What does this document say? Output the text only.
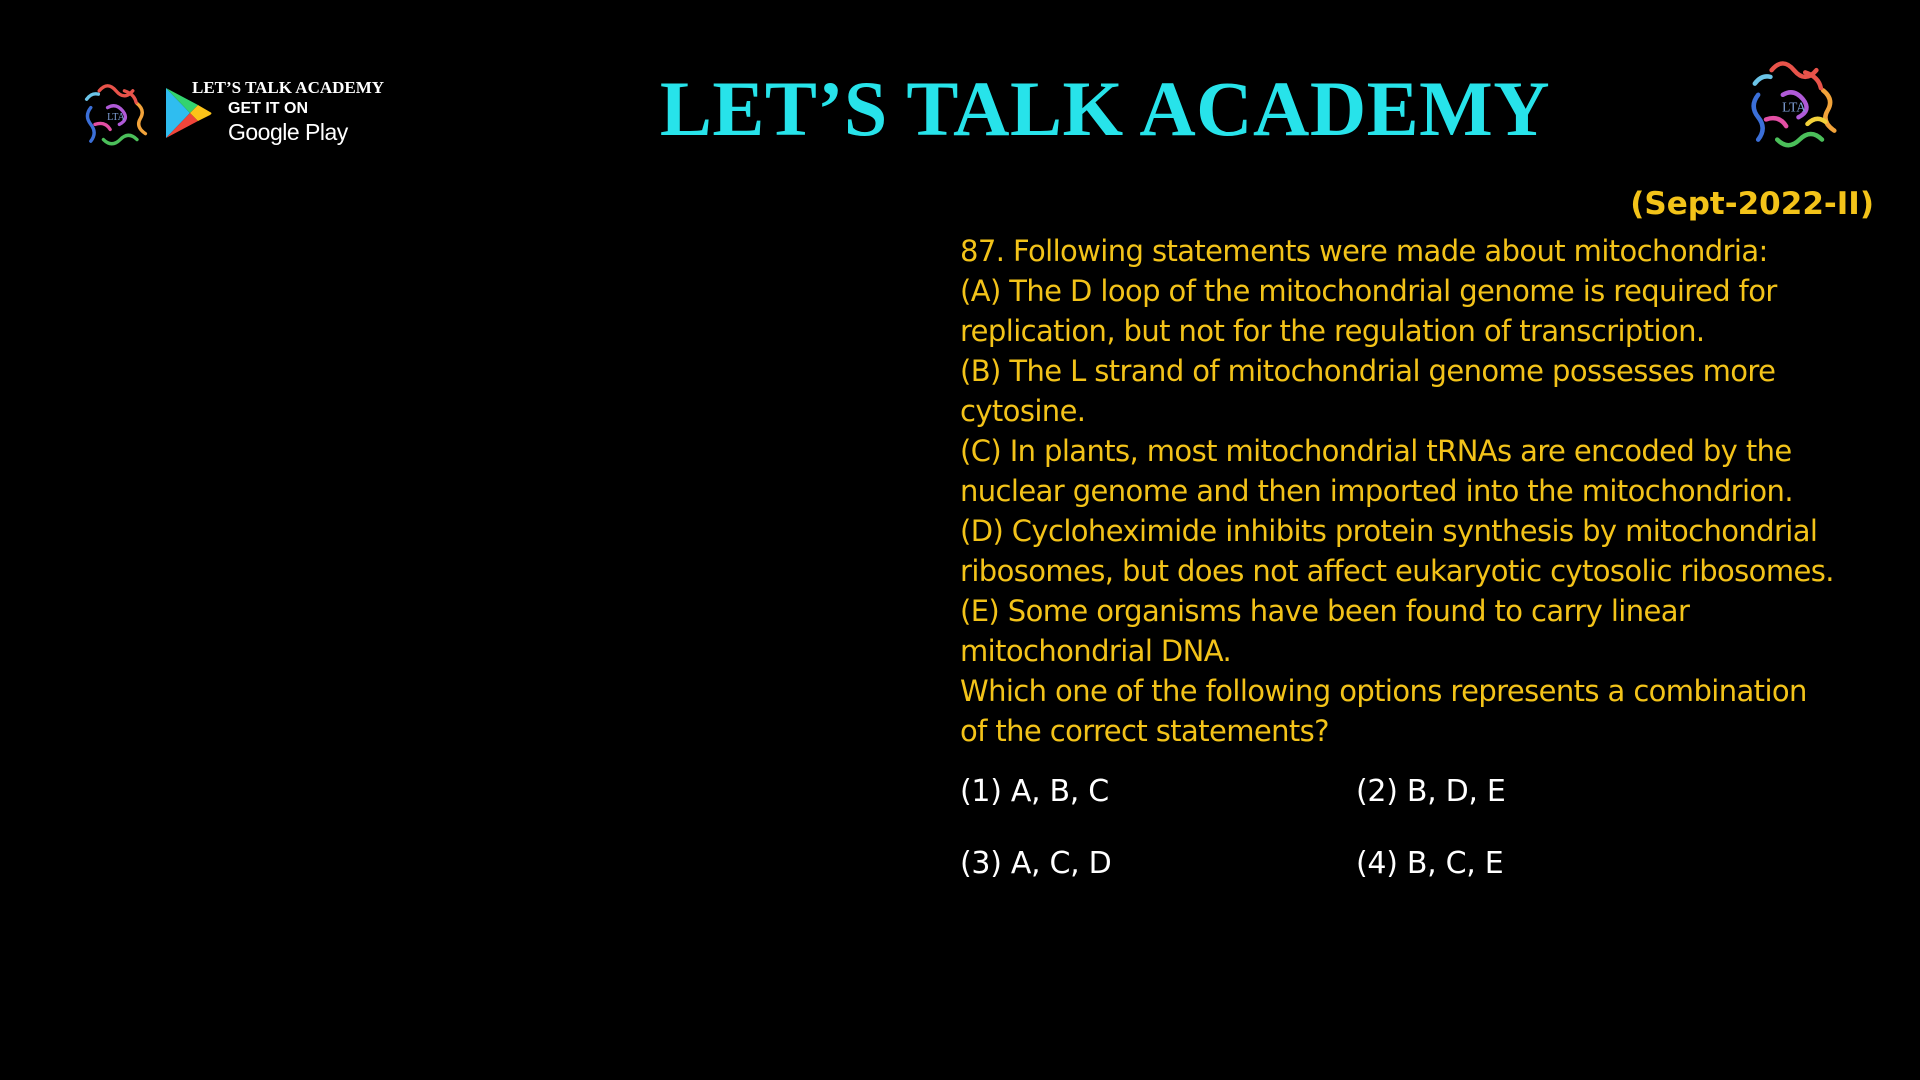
LTA
LET’S TALK ACADEMY
GET IT ON
Google Play	LET’S TALK ACADEMY	LTA
(Sept-2022-II)
87. Following statements were made about mitochondria:
(A) The D loop of the mitochondrial genome is required for
replication, but not for the regulation of transcription.
(B) The L strand of mitochondrial genome possesses more
cytosine.
(C) In plants, most mitochondrial tRNAs are encoded by the
nuclear genome and then imported into the mitochondrion.
(D) Cycloheximide inhibits protein synthesis by mitochondrial
ribosomes, but does not affect eukaryotic cytosolic ribosomes.
(E) Some organisms have been found to carry linear
mitochondrial DNA.
Which one of the following options represents a combination
of the correct statements?
(1) A, B, C	(2) B, D, E
(3) A, C, D	(4) B, C, E
